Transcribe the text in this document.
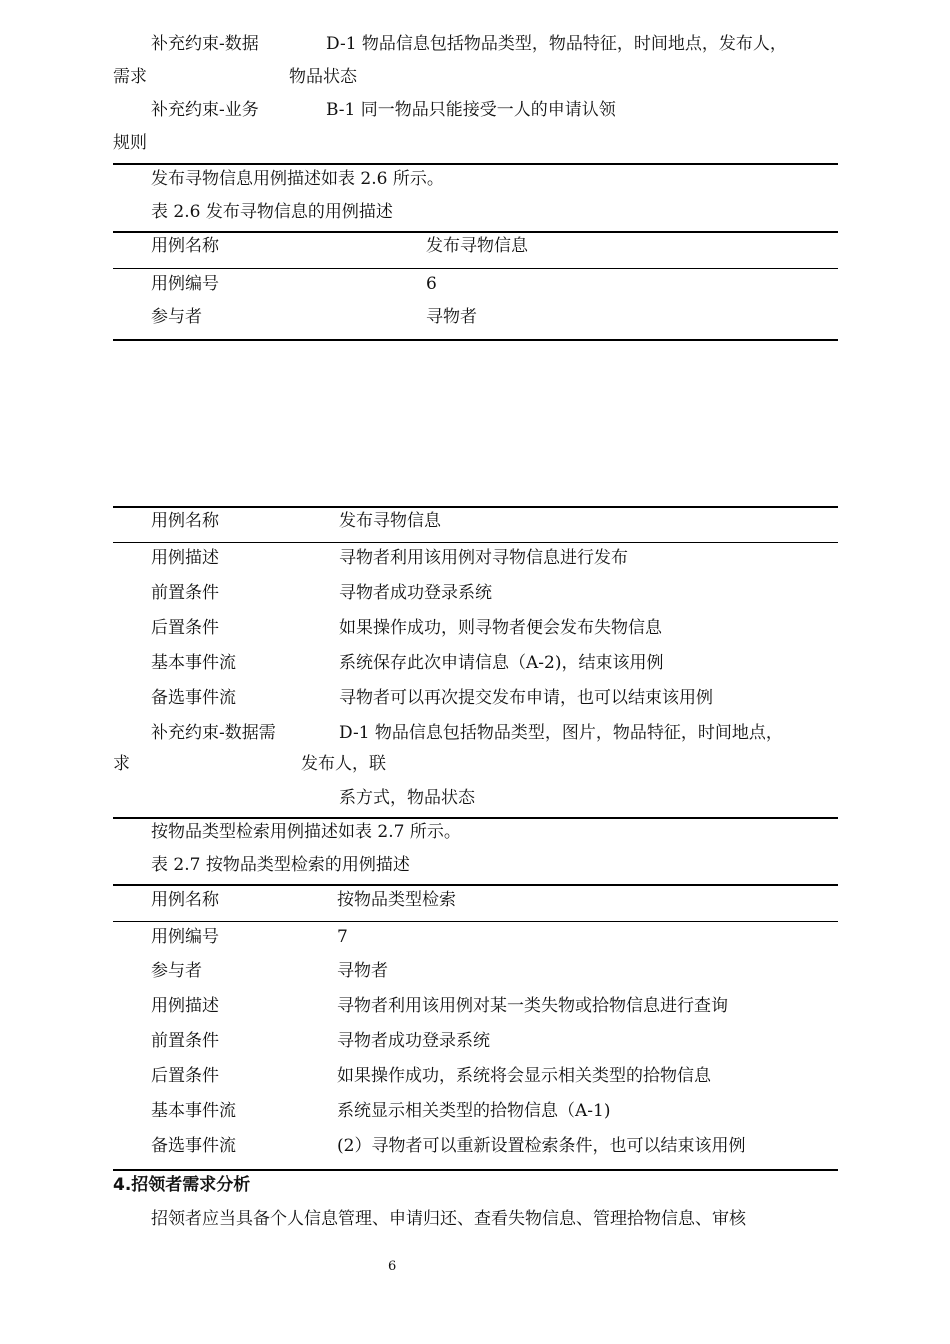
补充约束-数据	D-1 物品信息包括物品类型，物品特征，时间地点，发布人，
需求	物品状态
补充约束-业务	B-1 同一物品只能接受一人的申请认领
规则
发布寻物信息用例描述如表 2.6 所示。
表 2.6 发布寻物信息的用例描述
用例名称	发布寻物信息
用例编号	6
参与者	寻物者
用例名称	发布寻物信息
用例描述	寻物者利用该用例对寻物信息进行发布
前置条件	寻物者成功登录系统
后置条件	如果操作成功，则寻物者便会发布失物信息
基本事件流	系统保存此次申请信息（A-2)，结束该用例
备选事件流	寻物者可以再次提交发布申请，也可以结束该用例
补充约束-数据需	D-1 物品信息包括物品类型，图片，物品特征，时间地点，
求	发布人，联
系方式，物品状态
按物品类型检索用例描述如表 2.7 所示。
表 2.7 按物品类型检索的用例描述
用例名称	按物品类型检索
用例编号	7
参与者	寻物者
用例描述	寻物者利用该用例对某一类失物或拾物信息进行查询
前置条件	寻物者成功登录系统
后置条件	如果操作成功，系统将会显示相关类型的拾物信息
基本事件流	系统显示相关类型的拾物信息（A-1)
备选事件流	(2）寻物者可以重新设置检索条件，也可以结束该用例
4.招领者需求分析
招领者应当具备个人信息管理、申请归还、查看失物信息、管理拾物信息、审核
6
